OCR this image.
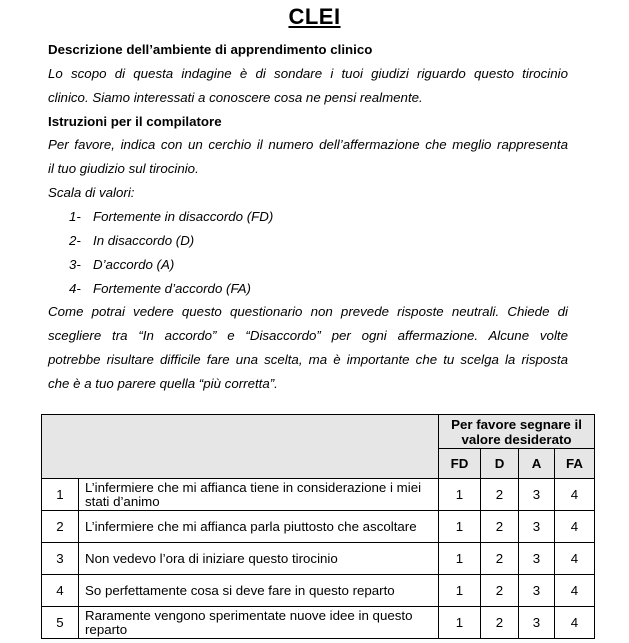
CLEI
Descrizione dell’ambiente di apprendimento clinico
Lo scopo di questa indagine è di sondare i tuoi giudizi riguardo questo tirocinio
clinico. Siamo interessati a conoscere cosa ne pensi realmente.
Istruzioni per il compilatore
Per favore, indica con un cerchio il numero dell’affermazione che meglio rappresenta
il tuo giudizio sul tirocinio.
Scala di valori:
1- Fortemente in disaccordo (FD)
2- In disaccordo (D)
3- D’accordo (A)
4- Fortemente d’accordo (FA)
Come potrai vedere questo questionario non prevede risposte neutrali. Chiede di
scegliere tra “In accordo” e “Disaccordo” per ogni affermazione. Alcune volte
potrebbe risultare difficile fare una scelta, ma è importante che tu scelga la risposta
che è a tuo parere quella “più corretta”.
		Per favore segnare il valore desiderato			
		FD	D	A	FA
1	L’infermiere che mi affianca tiene in considerazione i miei stati d’animo	1	2	3	4
2	L’infermiere che mi affianca parla piuttosto che ascoltare	1	2	3	4
3	Non vedevo l’ora di iniziare questo tirocinio	1	2	3	4
4	So perfettamente cosa si deve fare in questo reparto	1	2	3	4
5	Raramente vengono sperimentate nuove idee in questo reparto	1	2	3	4
